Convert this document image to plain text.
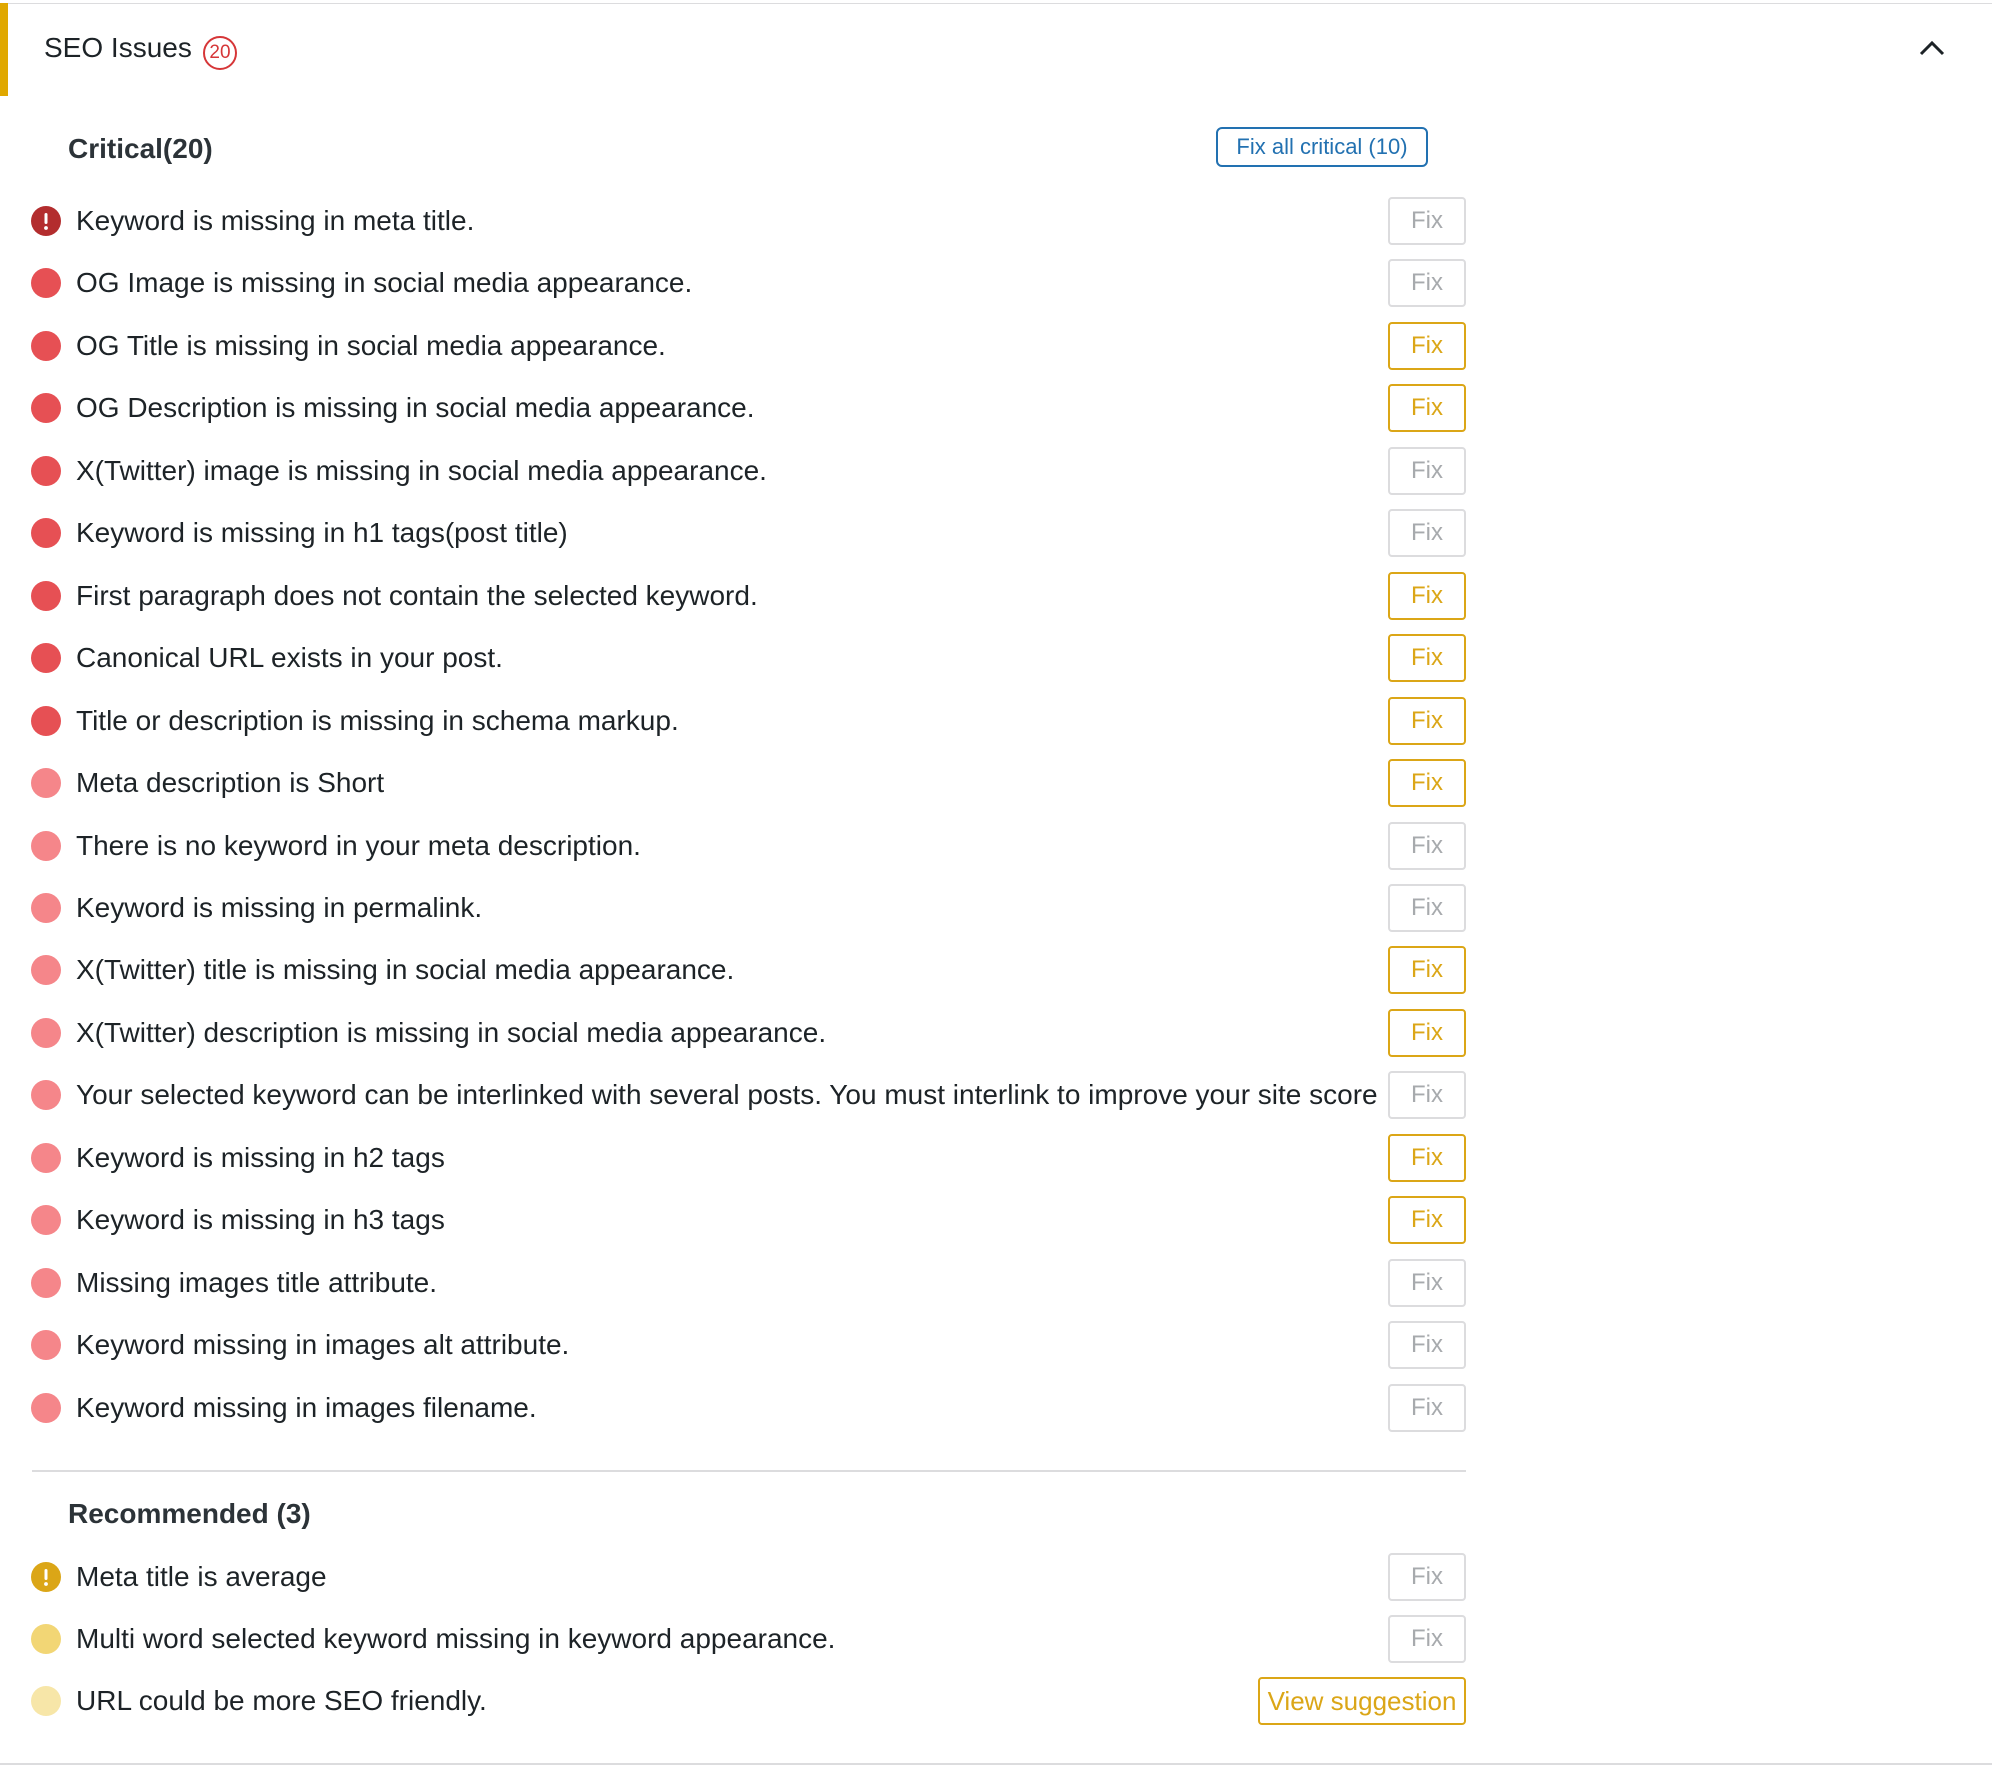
SEO Issues 20
Critical(20)	Fix all critical (10)
Keyword is missing in meta title.	Fix
OG Image is missing in social media appearance.	Fix
OG Title is missing in social media appearance.	Fix
OG Description is missing in social media appearance.	Fix
X(Twitter) image is missing in social media appearance.	Fix
Keyword is missing in h1 tags(post title)	Fix
First paragraph does not contain the selected keyword.	Fix
Canonical URL exists in your post.	Fix
Title or description is missing in schema markup.	Fix
Meta description is Short	Fix
There is no keyword in your meta description.	Fix
Keyword is missing in permalink.	Fix
X(Twitter) title is missing in social media appearance.	Fix
X(Twitter) description is missing in social media appearance.	Fix
Your selected keyword can be interlinked with several posts. You must interlink to improve your site score	Fix
Keyword is missing in h2 tags	Fix
Keyword is missing in h3 tags	Fix
Missing images title attribute.	Fix
Keyword missing in images alt attribute.	Fix
Keyword missing in images filename.	Fix
Recommended (3)
Meta title is average	Fix
Multi word selected keyword missing in keyword appearance.	Fix
URL could be more SEO friendly.	View suggestion
